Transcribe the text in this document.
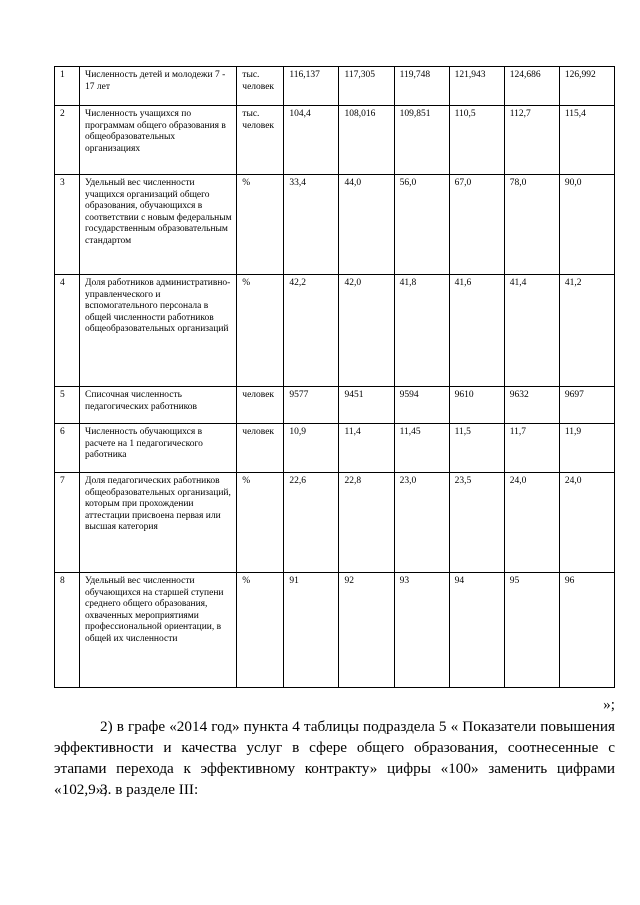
1	Численность детей и молодежи 7 - 17 лет	тыс. человек	116,137	117,305	119,748	121,943	124,686	126,992
2	Численность учащихся по программам общего образования в общеобразовательных организациях	тыс. человек	104,4	108,016	109,851	110,5	112,7	115,4
3	Удельный вес численности учащихся организаций общего образования, обучающихся в соответствии с новым федеральным государственным образовательным стандартом	%	33,4	44,0	56,0	67,0	78,0	90,0
4	Доля работников административно-управленческого и вспомогательного персонала в общей численности работников общеобразовательных организаций	%	42,2	42,0	41,8	41,6	41,4	41,2
5	Списочная численность педагогических работников	человек	9577	9451	9594	9610	9632	9697
6	Численность обучающихся в расчете на 1 педагогического работника	человек	10,9	11,4	11,45	11,5	11,7	11,9
7	Доля педагогических работников общеобразовательных организаций, которым при прохождении аттестации присвоена первая или высшая категория	%	22,6	22,8	23,0	23,5	24,0	24,0
8	Удельный вес численности обучающихся на старшей ступени среднего общего образования, охваченных мероприятиями профессиональной ориентации, в общей их численности	%	91	92	93	94	95	96
»;
2) в графе «2014 год» пункта 4 таблицы подраздела 5 « Показатели повышения эффективности и качества услуг в сфере общего образования, соотнесенные с этапами перехода к эффективному контракту» цифры «100» заменить цифрами «102,9»;
3. в разделе III:
